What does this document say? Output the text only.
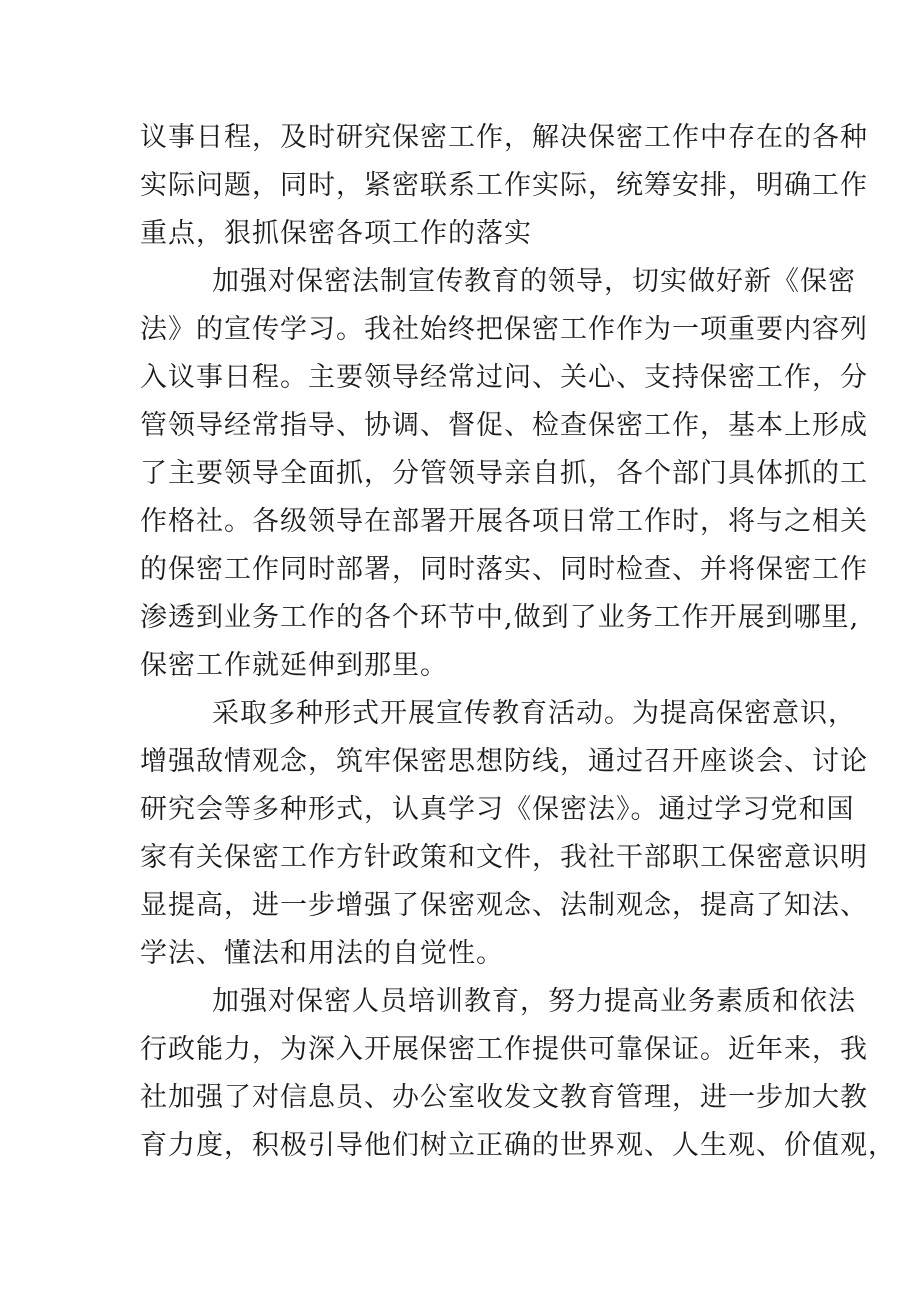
议事日程，及时研究保密工作，解决保密工作中存在的各种
实际问题，同时，紧密联系工作实际，统筹安排，明确工作
重点，狠抓保密各项工作的落实
加强对保密法制宣传教育的领导，切实做好新《保密
法》的宣传学习。我社始终把保密工作作为一项重要内容列
入议事日程。主要领导经常过问、关心、支持保密工作，分
管领导经常指导、协调、督促、检查保密工作，基本上形成
了主要领导全面抓，分管领导亲自抓，各个部门具体抓的工
作格社。各级领导在部署开展各项日常工作时，将与之相关
的保密工作同时部署，同时落实、同时检查、并将保密工作
渗透到业务工作的各个环节中,做到了业务工作开展到哪里,
保密工作就延伸到那里。
采取多种形式开展宣传教育活动。为提高保密意识，
增强敌情观念，筑牢保密思想防线，通过召开座谈会、讨论
研究会等多种形式，认真学习《保密法》。通过学习党和国
家有关保密工作方针政策和文件，我社干部职工保密意识明
显提高，进一步增强了保密观念、法制观念，提高了知法、
学法、懂法和用法的自觉性。
加强对保密人员培训教育，努力提高业务素质和依法
行政能力，为深入开展保密工作提供可靠保证。近年来，我
社加强了对信息员、办公室收发文教育管理，进一步加大教
育力度，积极引导他们树立正确的世界观、人生观、价值观，
